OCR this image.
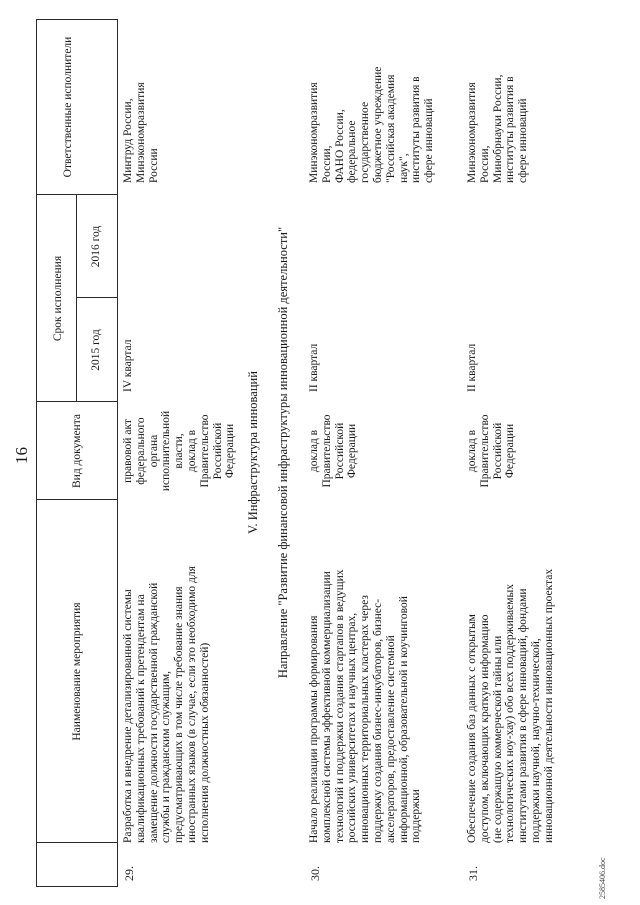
16
2585406.doc
Наименование мероприятия
Вид документа
Срок исполнения
2015 год
2016 год
Ответственные исполнители
29.
Разработка и внедрение детализированной системы квалификационных требований к претендентам на замещение должности государственной гражданской службы и гражданским служащим, предусматривающих в том числе требование знания иностранных языков (в случае, если это необходимо для исполнения должностных обязанностей)
правовой акт федерального органа исполнительной власти, доклад в Правительство Российской Федерации
IV квартал
Минтруд России, Минэкономразвития России
V. Инфраструктура инноваций Направление "Развитие финансовой инфраструктуры инновационной деятельности"
30.
Начало реализации программы формирования комплексной системы эффективной коммерциализации технологий и поддержки создания стартапов в ведущих российских университетах и научных центрах, инновационных территориальных кластерах через поддержку создания бизнес-инкубаторов, бизнес- акселераторов, предоставление системной информационной, образовательной и коучинговой поддержки
доклад в Правительство Российской Федерации
II квартал
Минэкономразвития России, ФАНО России, федеральное государственное бюджетное учреждение "Российская академия наук", институты развития в сфере инноваций
31.
Обеспечение создания баз данных с открытым доступом, включающих краткую информацию (не содержащую коммерческой тайны или технологических ноу-хау) обо всех поддерживаемых институтами развития в сфере инноваций, фондами поддержки научной, научно-технической, инновационной деятельности инновационных проектах
доклад в Правительство Российской Федерации
II квартал
Минэкономразвития России, Минобрнауки России, институты развития в сфере инноваций
